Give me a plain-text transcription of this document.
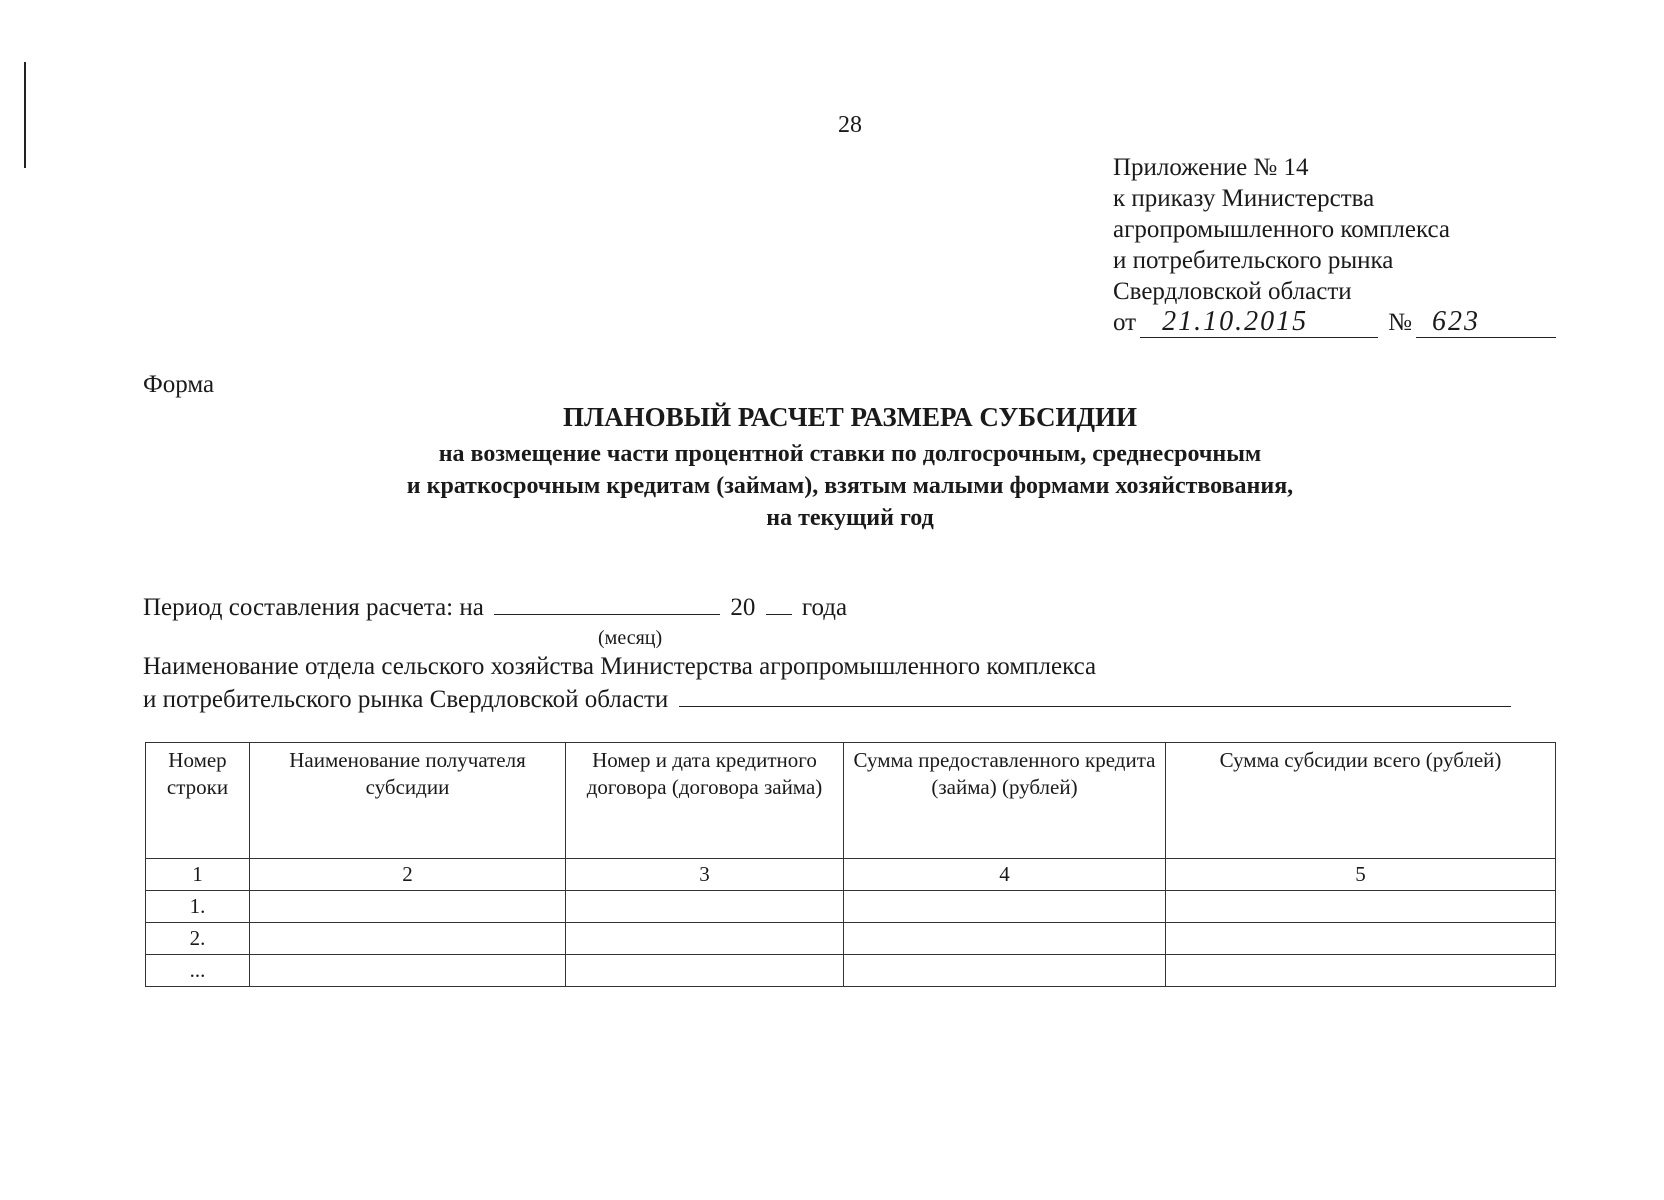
28
Приложение № 14
к приказу Министерства
агропромышленного комплекса
и потребительского рынка
Свердловской области
от 21.10.2015	№ 623
Форма
ПЛАНОВЫЙ РАСЧЕТ РАЗМЕРА СУБСИДИИ
на возмещение части процентной ставки по долгосрочным, среднесрочным
и краткосрочным кредитам (займам), взятым малыми формами хозяйствования,
на текущий год
Период составления расчета: на	20 года
(месяц)
Наименование отдела сельского хозяйства Министерства агропромышленного комплекса
и потребительского рынка Свердловской области
Номер строки	Наименование получателя субсидии	Номер и дата кредитного договора (договора займа)	Сумма предоставленного кредита (займа) (рублей)	Сумма субсидии всего (рублей)
1	2	3	4	5
1.				
2.				
...				
